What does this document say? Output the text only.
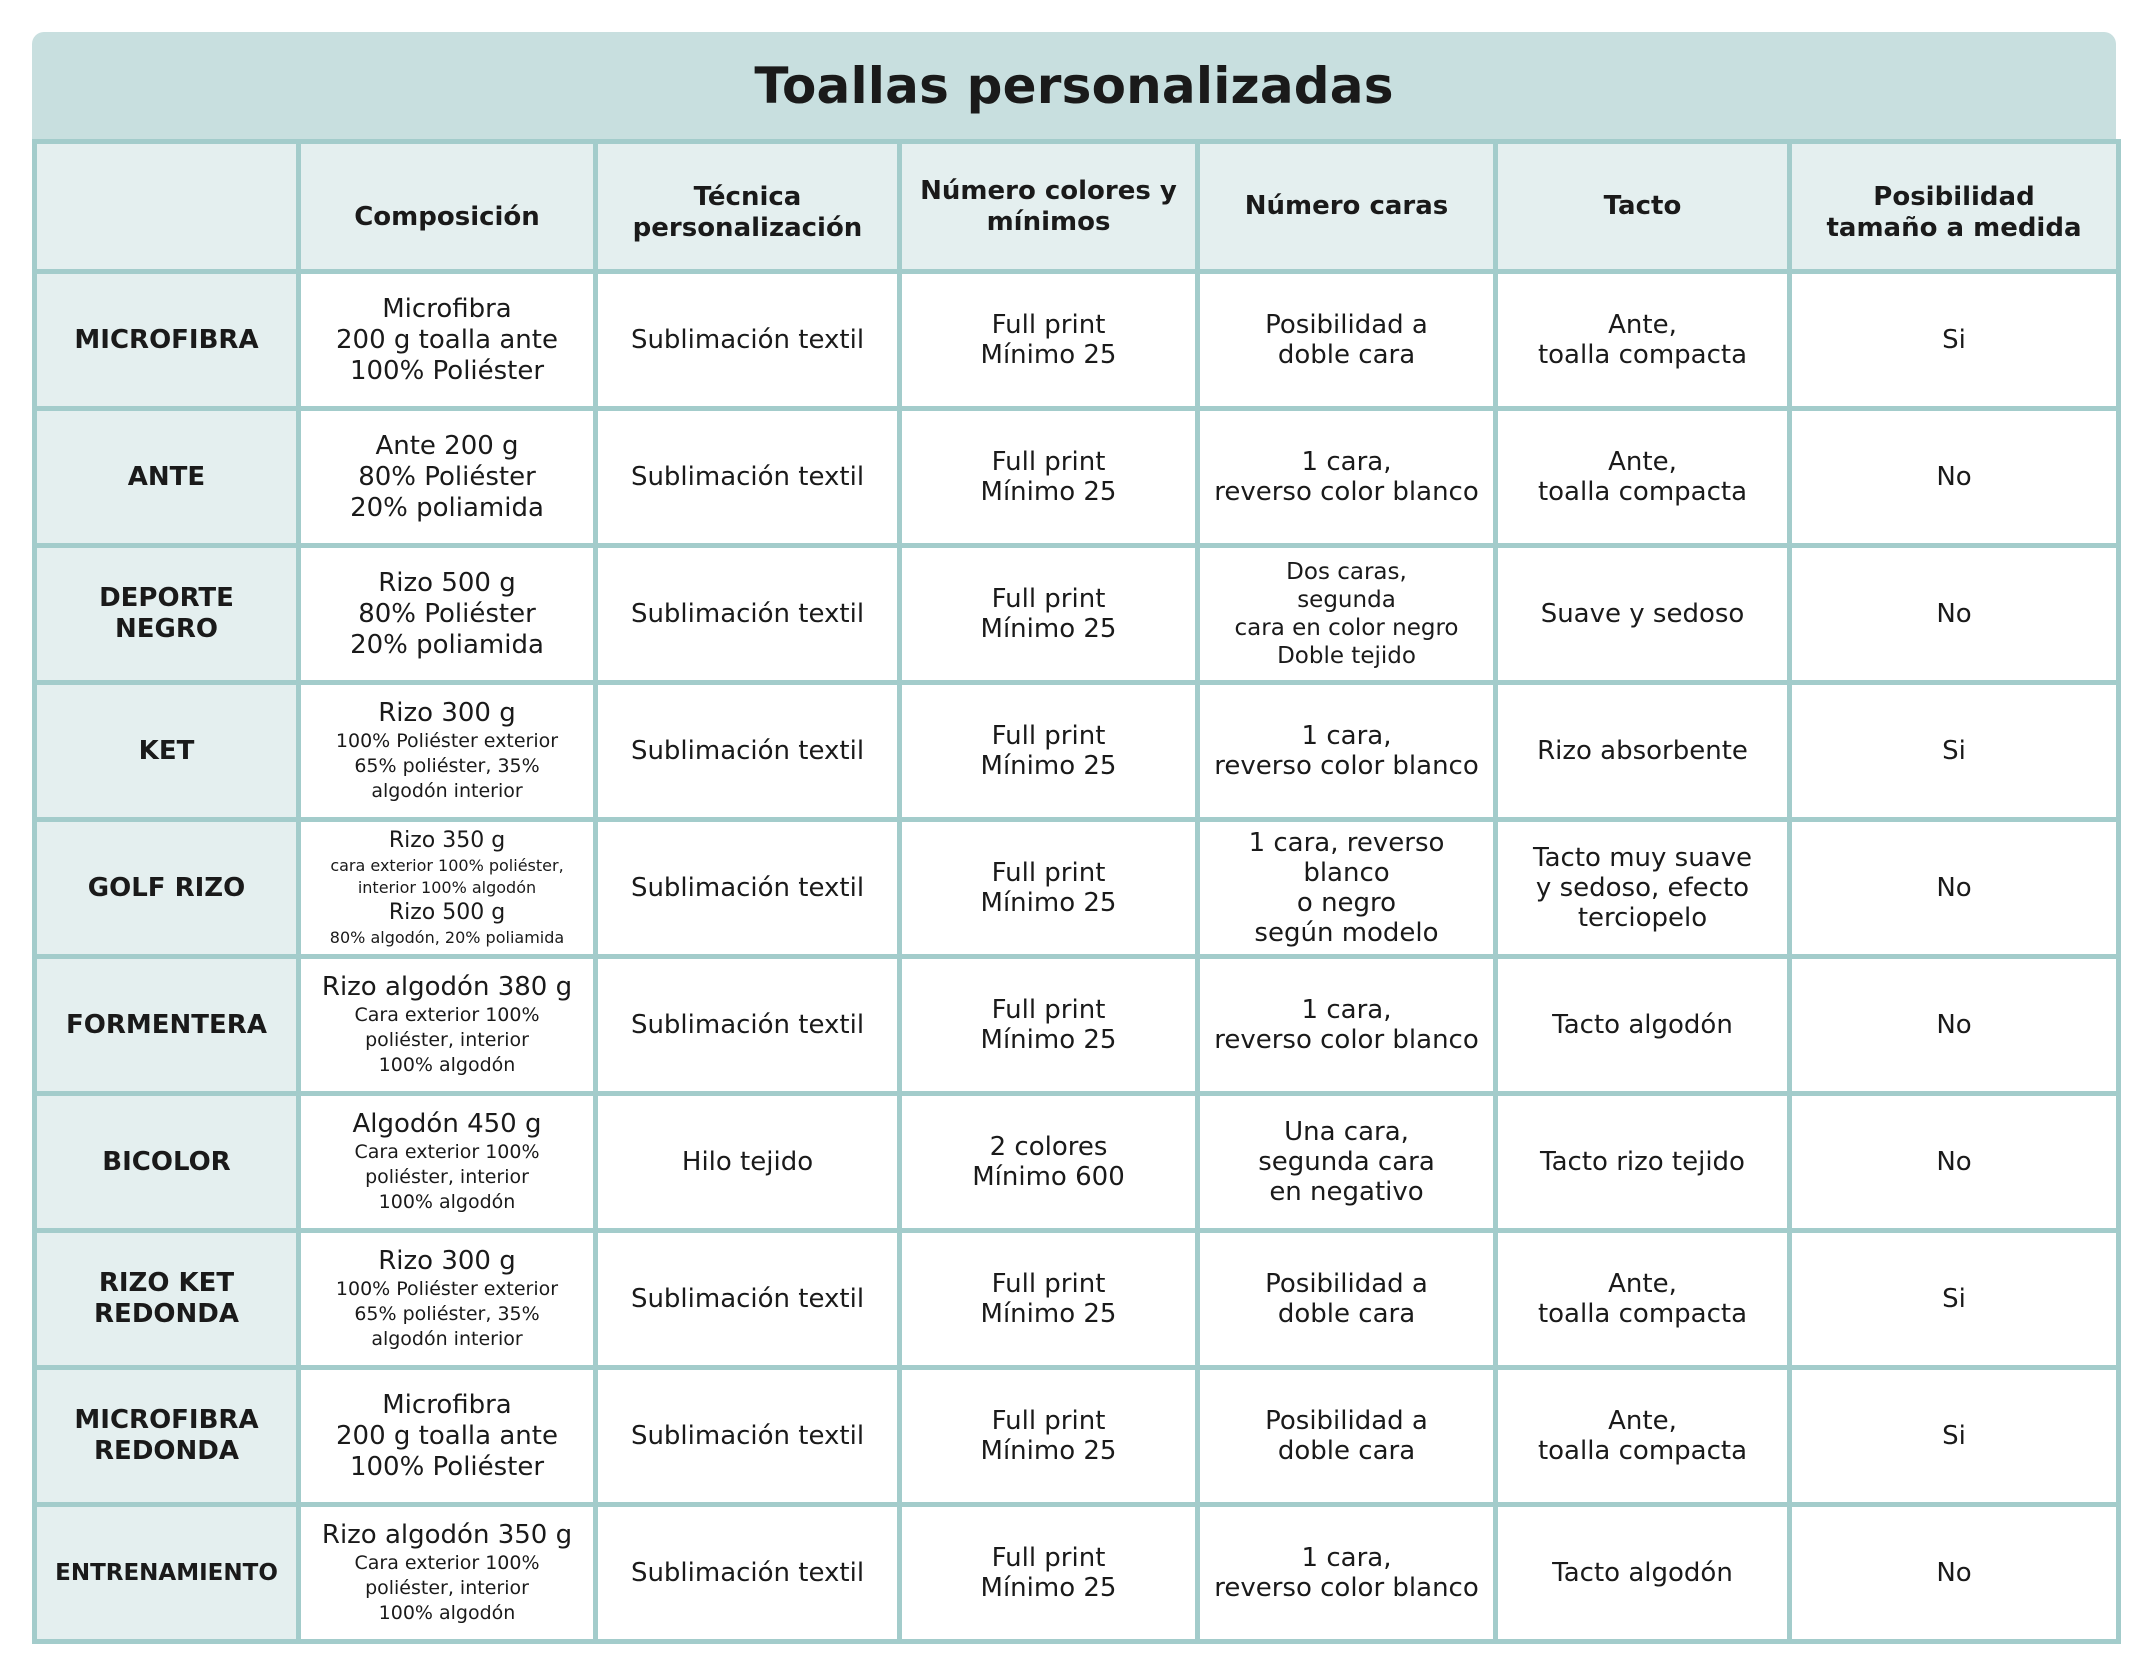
Toallas personalizadas
	Composición	Técnica
personalización	Número colores y
mínimos	Número caras	Tacto	Posibilidad
tamaño a medida
MICROFIBRA	Microfibra
200 g toalla ante
100% Poliéster	Sublimación textil	Full print
Mínimo 25	Posibilidad a
doble cara	Ante,
toalla compacta	Si
ANTE	Ante 200 g
80% Poliéster
20% poliamida	Sublimación textil	Full print
Mínimo 25	1 cara,
reverso color blanco	Ante,
toalla compacta	No
DEPORTE
NEGRO	Rizo 500 g
80% Poliéster
20% poliamida	Sublimación textil	Full print
Mínimo 25	Dos caras,
segunda
cara en color negro
Doble tejido	Suave y sedoso	No
KET	Rizo 300 g
100% Poliéster exterior
65% poliéster, 35%
algodón interior	Sublimación textil	Full print
Mínimo 25	1 cara,
reverso color blanco	Rizo absorbente	Si
GOLF RIZO	Rizo 350 g
cara exterior 100% poliéster,
interior 100% algodón
Rizo 500 g
80% algodón, 20% poliamida	Sublimación textil	Full print
Mínimo 25	1 cara, reverso blanco
o negro
según modelo	Tacto muy suave
y sedoso, efecto
terciopelo	No
FORMENTERA	Rizo algodón 380 g
Cara exterior 100%
poliéster, interior
100% algodón	Sublimación textil	Full print
Mínimo 25	1 cara,
reverso color blanco	Tacto algodón	No
BICOLOR	Algodón 450 g
Cara exterior 100%
poliéster, interior
100% algodón	Hilo tejido	2 colores
Mínimo 600	Una cara,
segunda cara
en negativo	Tacto rizo tejido	No
RIZO KET
REDONDA	Rizo 300 g
100% Poliéster exterior
65% poliéster, 35%
algodón interior	Sublimación textil	Full print
Mínimo 25	Posibilidad a
doble cara	Ante,
toalla compacta	Si
MICROFIBRA
REDONDA	Microfibra
200 g toalla ante
100% Poliéster	Sublimación textil	Full print
Mínimo 25	Posibilidad a
doble cara	Ante,
toalla compacta	Si
ENTRENAMIENTO	Rizo algodón 350 g
Cara exterior 100%
poliéster, interior
100% algodón	Sublimación textil	Full print
Mínimo 25	1 cara,
reverso color blanco	Tacto algodón	No
